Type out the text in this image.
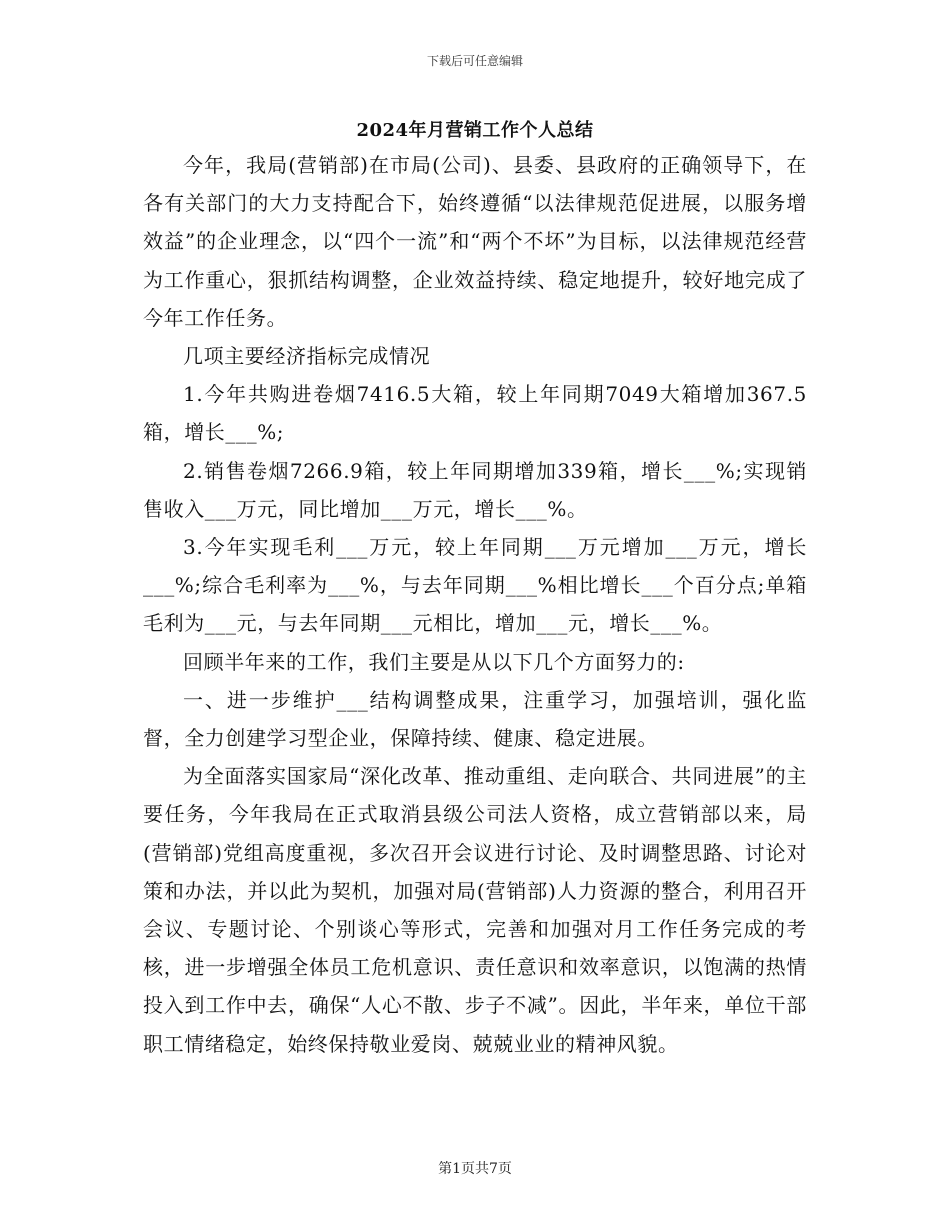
下载后可任意编辑
2024年月营销工作个人总结

今年，我局(营销部)在市局(公司)、县委、县政府的正确领导下，在各有关部门的大力支持配合下，始终遵循“以法律规范促进展，以服务增效益”的企业理念，以“四个一流”和“两个不坏”为目标，以法律规范经营为工作重心，狠抓结构调整，企业效益持续、稳定地提升，较好地完成了今年工作任务。

几项主要经济指标完成情况

1.今年共购进卷烟7416.5大箱，较上年同期7049大箱增加367.5箱，增长___%;

2.销售卷烟7266.9箱，较上年同期增加339箱，增长___%;实现销售收入___万元，同比增加___万元，增长___%。

3.今年实现毛利___万元，较上年同期___万元增加___万元，增长___%;综合毛利率为___%，与去年同期___%相比增长___个百分点;单箱毛利为___元，与去年同期___元相比，增加___元，增长___%。

回顾半年来的工作，我们主要是从以下几个方面努力的:

一、进一步维护___结构调整成果，注重学习，加强培训，强化监督，全力创建学习型企业，保障持续、健康、稳定进展。

为全面落实国家局“深化改革、推动重组、走向联合、共同进展”的主要任务，今年我局在正式取消县级公司法人资格，成立营销部以来，局(营销部)党组高度重视，多次召开会议进行讨论、及时调整思路、讨论对策和办法，并以此为契机，加强对局(营销部)人力资源的整合，利用召开会议、专题讨论、个别谈心等形式，完善和加强对月工作任务完成的考核，进一步增强全体员工危机意识、责任意识和效率意识，以饱满的热情投入到工作中去，确保“人心不散、步子不减”。因此，半年来，单位干部职工情绪稳定，始终保持敬业爱岗、兢兢业业的精神风貌。

第1页共7页
